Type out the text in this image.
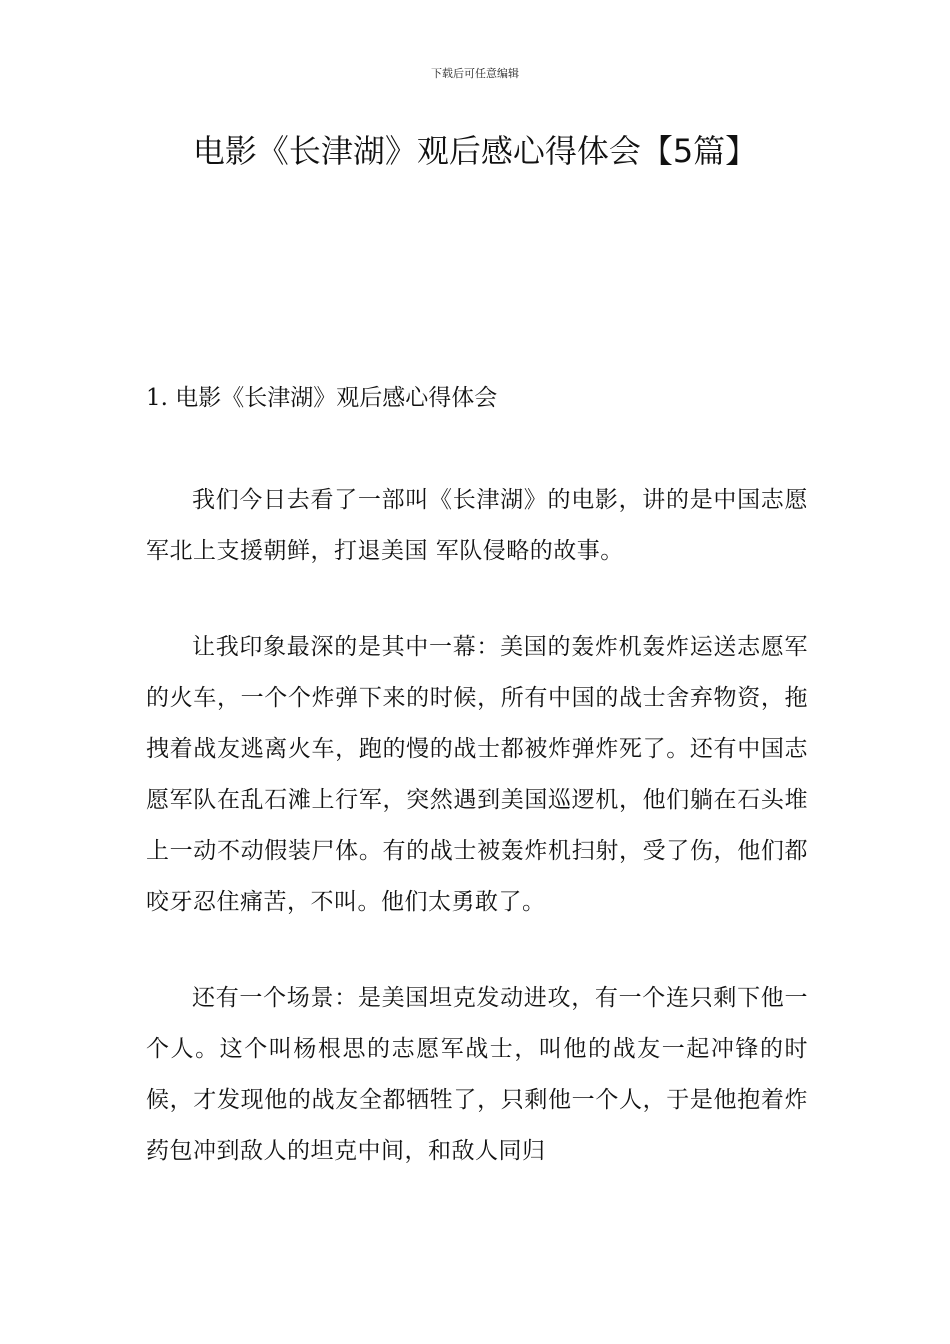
下载后可任意编辑
电影《长津湖》观后感心得体会【5篇】
1. 电影《长津湖》观后感心得体会

我们今日去看了一部叫《长津湖》的电影，讲的是中国志愿军北上支援朝鲜，打退美国 军队侵略的故事。

让我印象最深的是其中一幕：美国的轰炸机轰炸运送志愿军的火车，一个个炸弹下来的时候，所有中国的战士舍弃物资，拖拽着战友逃离火车，跑的慢的战士都被炸弹炸死了。还有中国志愿军队在乱石滩上行军，突然遇到美国巡逻机，他们躺在石头堆上一动不动假装尸体。有的战士被轰炸机扫射，受了伤，他们都咬牙忍住痛苦，不叫。他们太勇敢了。

还有一个场景：是美国坦克发动进攻，有一个连只剩下他一个人。这个叫杨根思的志愿军战士，叫他的战友一起冲锋的时候，才发现他的战友全都牺牲了，只剩他一个人，于是他抱着炸药包冲到敌人的坦克中间，和敌人同归
